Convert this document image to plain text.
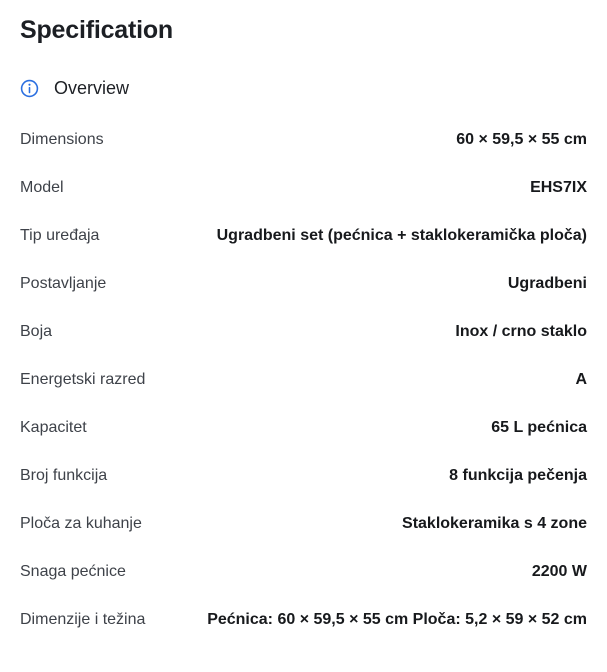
Specification
Overview
Dimensions	60 × 59,5 × 55 cm
Model	EHS7IX
Tip uređaja	Ugradbeni set (pećnica + staklokeramička ploča)
Postavljanje	Ugradbeni
Boja	Inox / crno staklo
Energetski razred	A
Kapacitet	65 L pećnica
Broj funkcija	8 funkcija pečenja
Ploča za kuhanje	Staklokeramika s 4 zone
Snaga pećnice	2200 W
Dimenzije i težina	Pećnica: 60 × 59,5 × 55 cm Ploča: 5,2 × 59 × 52 cm
